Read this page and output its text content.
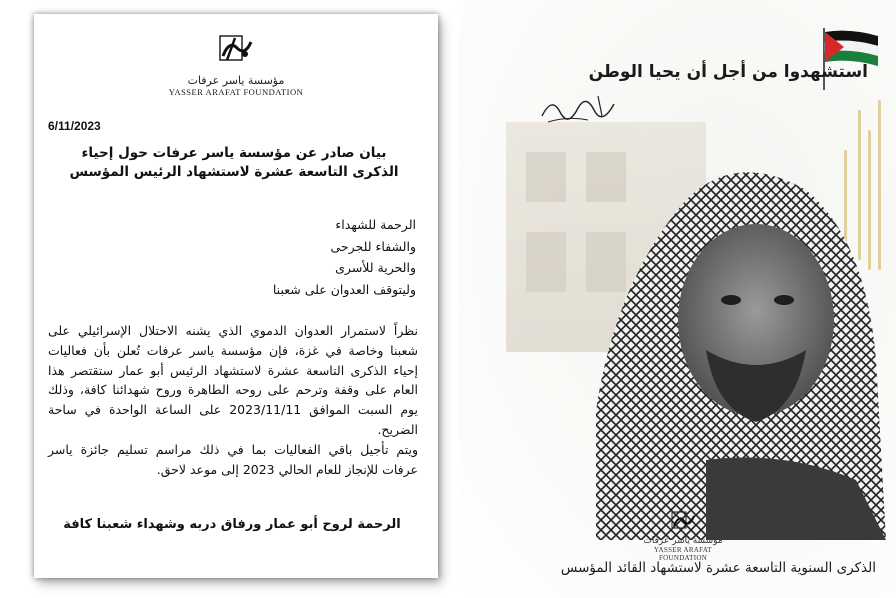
مؤسسة ياسر عرفات
YASSER ARAFAT FOUNDATION
6/11/2023
بيان صادر عن مؤسسة ياسر عرفات حول إحياء
الذكرى التاسعة عشرة لاستشهاد الرئيس المؤسس
الرحمة للشهداء
والشفاء للجرحى
والحرية للأسرى
وليتوقف العدوان على شعبنا

نظراً لاستمرار العدوان الدموي الذي يشنه الاحتلال الإسرائيلي على شعبنا وخاصة في غزة، فإن مؤسسة ياسر عرفات تُعلن بأن فعاليات إحياء الذكرى التاسعة عشرة لاستشهاد الرئيس أبو عمار ستقتصر هذا العام على وقفة وترحم على روحه الطاهرة وروح شهدائنا كافة، وذلك يوم السبت الموافق 2023/11/11 على الساعة الواحدة في ساحة الضريح.

ويتم تأجيل باقي الفعاليات بما في ذلك مراسم تسليم جائزة ياسر عرفات للإنجاز للعام الحالي 2023 إلى موعد لاحق.

الرحمة لروح أبو عمار ورفاق دربه وشهداء شعبنا كافة
استشهدوا من أجل أن يحيا الوطن
مؤسسة ياسر عرفات
YASSER ARAFAT FOUNDATION
الذكرى السنوية التاسعة عشرة لاستشهاد القائد المؤسس
